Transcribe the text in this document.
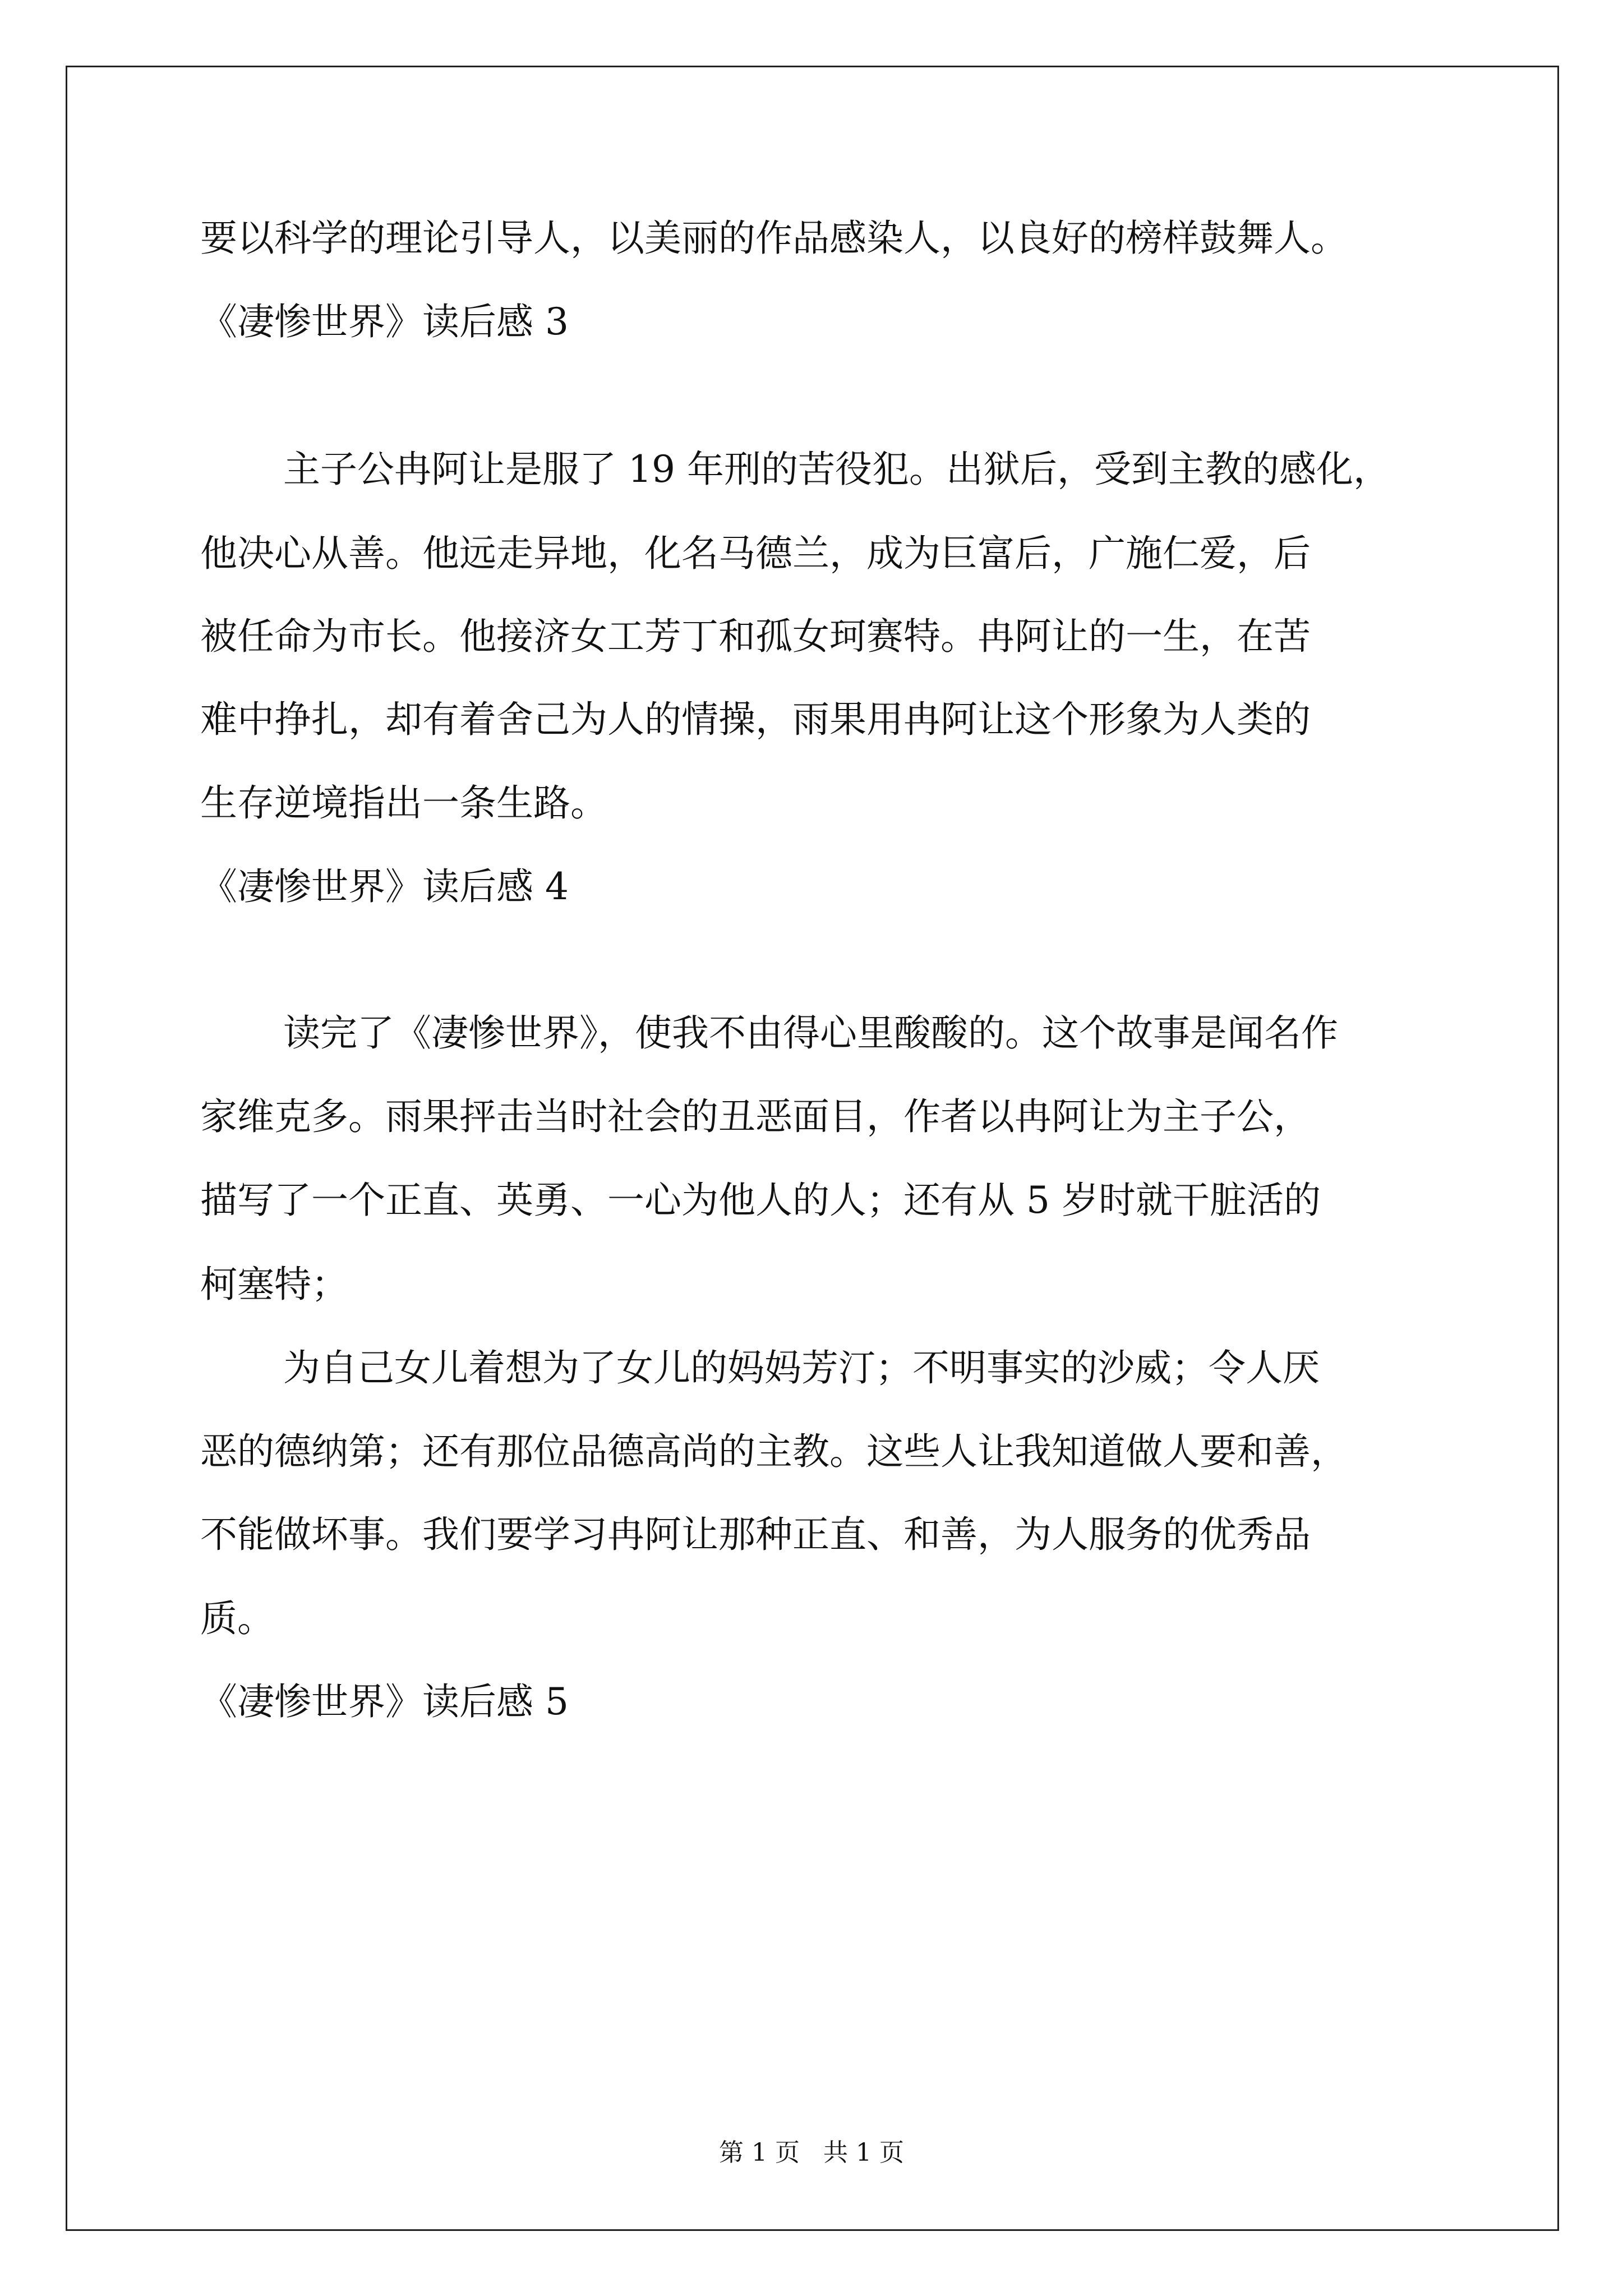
要以科学的理论引导人，以美丽的作品感染人，以良好的榜样鼓舞人。
《凄惨世界》读后感 3
主子公冉阿让是服了 19 年刑的苦役犯。出狱后，受到主教的感化，
他决心从善。他远走异地，化名马德兰，成为巨富后，广施仁爱，后
被任命为市长。他接济女工芳丁和孤女珂赛特。冉阿让的一生，在苦
难中挣扎，却有着舍己为人的情操，雨果用冉阿让这个形象为人类的
生存逆境指出一条生路。
《凄惨世界》读后感 4
读完了《凄惨世界》，使我不由得心里酸酸的。这个故事是闻名作
家维克多。雨果抨击当时社会的丑恶面目，作者以冉阿让为主子公，
描写了一个正直、英勇、一心为他人的人；还有从 5 岁时就干脏活的
柯塞特；
为自己女儿着想为了女儿的妈妈芳汀；不明事实的沙威；令人厌
恶的德纳第；还有那位品德高尚的主教。这些人让我知道做人要和善，
不能做坏事。我们要学习冉阿让那种正直、和善，为人服务的优秀品
质。
《凄惨世界》读后感 5
第 1 页   共 1 页
